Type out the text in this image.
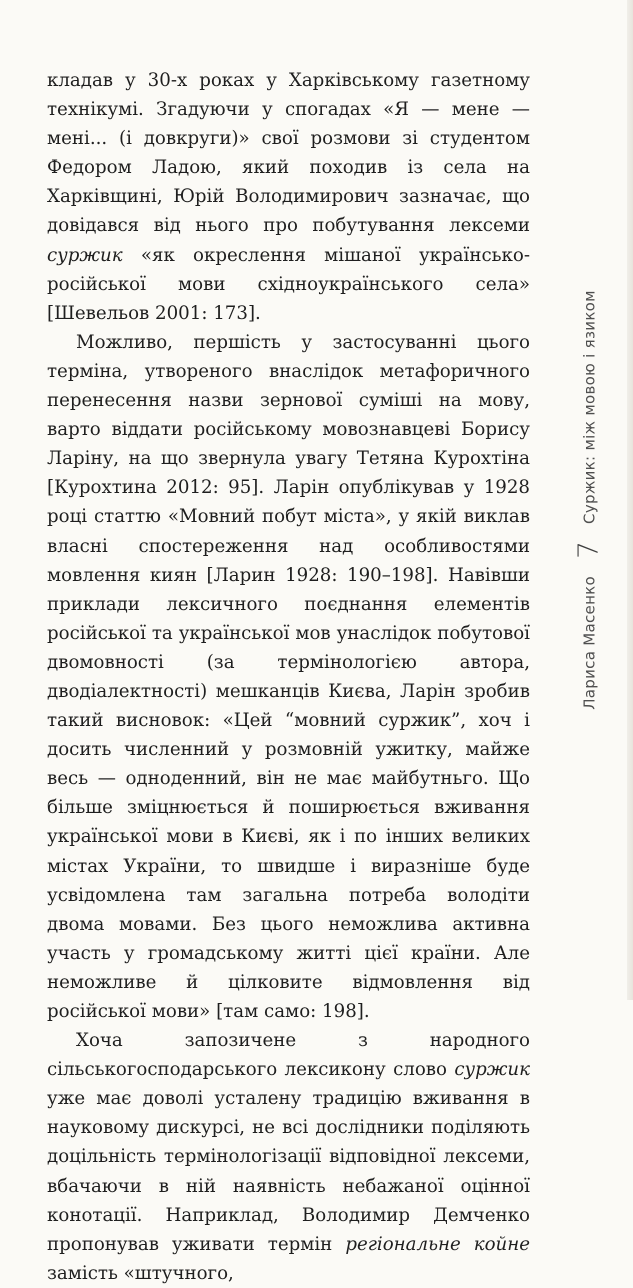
кладав у 30-х роках у Харківському газетному технікумі. Згадуючи у спогадах «Я — мене — мені... (і довкруги)» свої розмови зі студентом Федором Ладою, який походив із села на Харківщині, Юрій Володимирович зазначає, що довідався від нього про побутування лексеми суржик «як окреслення мішаної українсько-російської мови східноукраїнського села» [Шевельов 2001: 173].

Можливо, першість у застосуванні цього терміна, утвореного внаслідок метафоричного перенесення назви зернової суміші на мову, варто віддати російському мовознавцеві Борису Ларіну, на що звернула увагу Тетяна Курохтіна [Курохтина 2012: 95]. Ларін опублікував у 1928 році статтю «Мовний побут міста», у якій виклав власні спостереження над особливостями мовлення киян [Ларин 1928: 190–198]. Навівши приклади лексичного поєднання елементів російської та української мов унаслідок побутової двомовності (за термінологією автора, дводіалектності) мешканців Києва, Ларін зробив такий висновок: «Цей “мовний суржик”, хоч і досить численний у розмовній ужитку, майже весь — одноденний, він не має майбутньго. Що більше зміцнюється й поширюється вживання української мови в Києві, як і по інших великих містах України, то швидше і виразніше буде усвідомлена там загальна потреба володіти двома мовами. Без цього неможлива активна участь у громадському житті цієї країни. Але неможливе й цілковите відмовлення від російської мови» [там само: 198].

Хоча запозичене з народного сільськогосподарського лексикону слово суржик уже має доволі усталену традицію вживання в науковому дискурсі, не всі дослідники поділяють доцільність термінологізації відповідної лексеми, вбачаючи в ній наявність небажаної оцінної конотації. Наприклад, Володимир Демченко пропонував уживати термін регіональне койне замість «штучного,

Лариса Масенко 7 Суржик: між мовою і язиком
